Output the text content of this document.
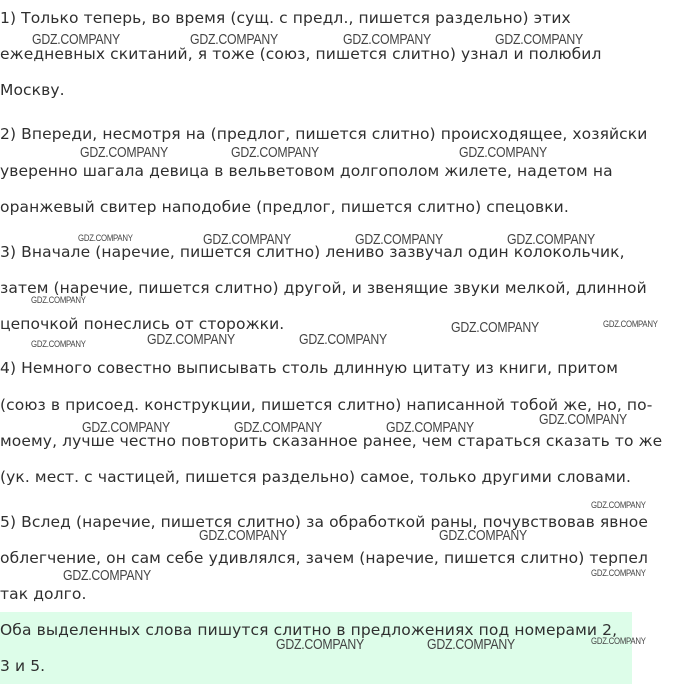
1) Только теперь, во время (сущ. с предл., пишется раздельно) этих
ежедневных скитаний, я тоже (союз, пишется слитно) узнал и полюбил
Москву.
2) Впереди, несмотря на (предлог, пишется слитно) происходящее, хозяйски
уверенно шагала девица в вельветовом долгополом жилете, надетом на
оранжевый свитер наподобие (предлог, пишется слитно) спецовки.
3) Вначале (наречие, пишется слитно) лениво зазвучал один колокольчик,
затем (наречие, пишется слитно) другой, и звенящие звуки мелкой, длинной
цепочкой понеслись от сторожки.
4) Немного совестно выписывать столь длинную цитату из книги, притом
(союз в присоед. конструкции, пишется слитно) написанной тобой же, но, по-
моему, лучше честно повторить сказанное ранее, чем стараться сказать то же
(ук. мест. с частицей, пишется раздельно) самое, только другими словами.
5) Вслед (наречие, пишется слитно) за обработкой раны, почувствовав явное
облегчение, он сам себе удивлялся, зачем (наречие, пишется слитно) терпел
так долго.
Оба выделенных слова пишутся слитно в предложениях под номерами 2,
3 и 5.
GDZ.COMPANY	GDZ.COMPANY	GDZ.COMPANY	GDZ.COMPANY
GDZ.COMPANY	GDZ.COMPANY	GDZ.COMPANY
GDZ.COMPANY	GDZ.COMPANY	GDZ.COMPANY	GDZ.COMPANY
GDZ.COMPANY
GDZ.COMPANY	GDZ.COMPANY
GDZ.COMPANY	GDZ.COMPANY	GDZ.COMPANY
GDZ.COMPANY
GDZ.COMPANY	GDZ.COMPANY	GDZ.COMPANY
GDZ.COMPANY
GDZ.COMPANY	GDZ.COMPANY
GDZ.COMPANY	GDZ.COMPANY
GDZ.COMPANY	GDZ.COMPANY	GDZ.COMPANY
